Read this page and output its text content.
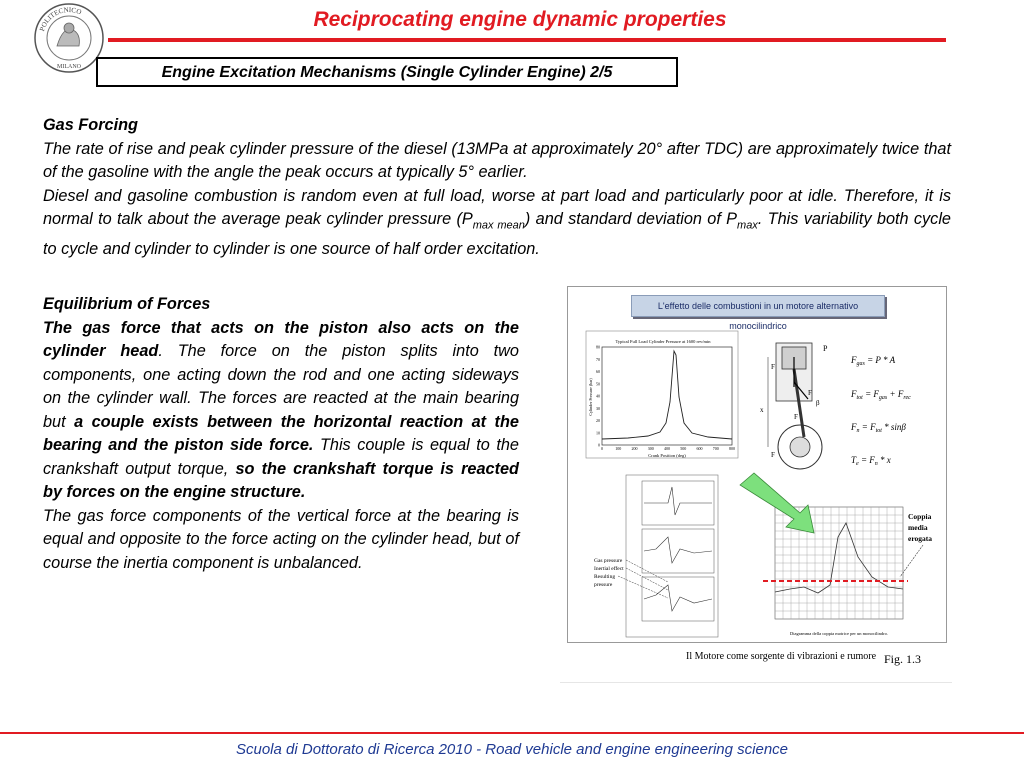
POLITECNICO
MILANO
Reciprocating engine dynamic properties
Engine Excitation Mechanisms (Single Cylinder Engine) 2/5

Gas Forcing

The rate of rise and peak cylinder pressure of the diesel (13MPa at approximately 20° after TDC) are approximately twice that of the gasoline with the angle the peak occurs at typically 5° earlier.

Diesel and gasoline combustion is random even at full load, worse at part load and particularly poor at idle. Therefore, it is normal to talk about the average peak cylinder pressure $(P_{max mean})$ and standard deviation of $P_{max}$. This variability both cycle to cycle and cylinder to cylinder is one source of half order excitation.

Equilibrium of Forces

The gas force that acts on the piston also acts on the cylinder head. The force on the piston splits into two components, one acting down the rod and one acting sideways on the cylinder wall. The forces are reacted at the main bearing but a couple exists between the horizontal reaction at the bearing and the piston side force. This couple is equal to the crankshaft output torque, so the crankshaft torque is reacted by forces on the engine structure.

The gas force components of the vertical force at the bearing is equal and opposite to the force acting on the cylinder head, but of course the inertia component is unbalanced.

L'effetto delle combustioni in un motore alternativo monocilindrico
Typical Full Load Cylinder Pressure at 1600 rev/min
0
10
20
30
40
50
60
70
80
0	100	200	300	400	500	600	700	800
Cylinder Pressure (bar)
Crank Position (deg)
P
F
F
β
x
F
F
$F_{gas} = P * A$
$F_{tot} = F_{gas} + F_{rec}$
$F_n = F_{tot} * \sin\beta$
$T_e = F_n * x$
Gas pressure
Inertial effect
Resulting
pressure
Diagramma della coppia motrice per un monocilindro.
Coppia
media
erogata
Il Motore come sorgente di vibrazioni e rumore Fig. 1.3
Scuola di Dottorato di Ricerca 2010 - Road vehicle and engine engineering science
